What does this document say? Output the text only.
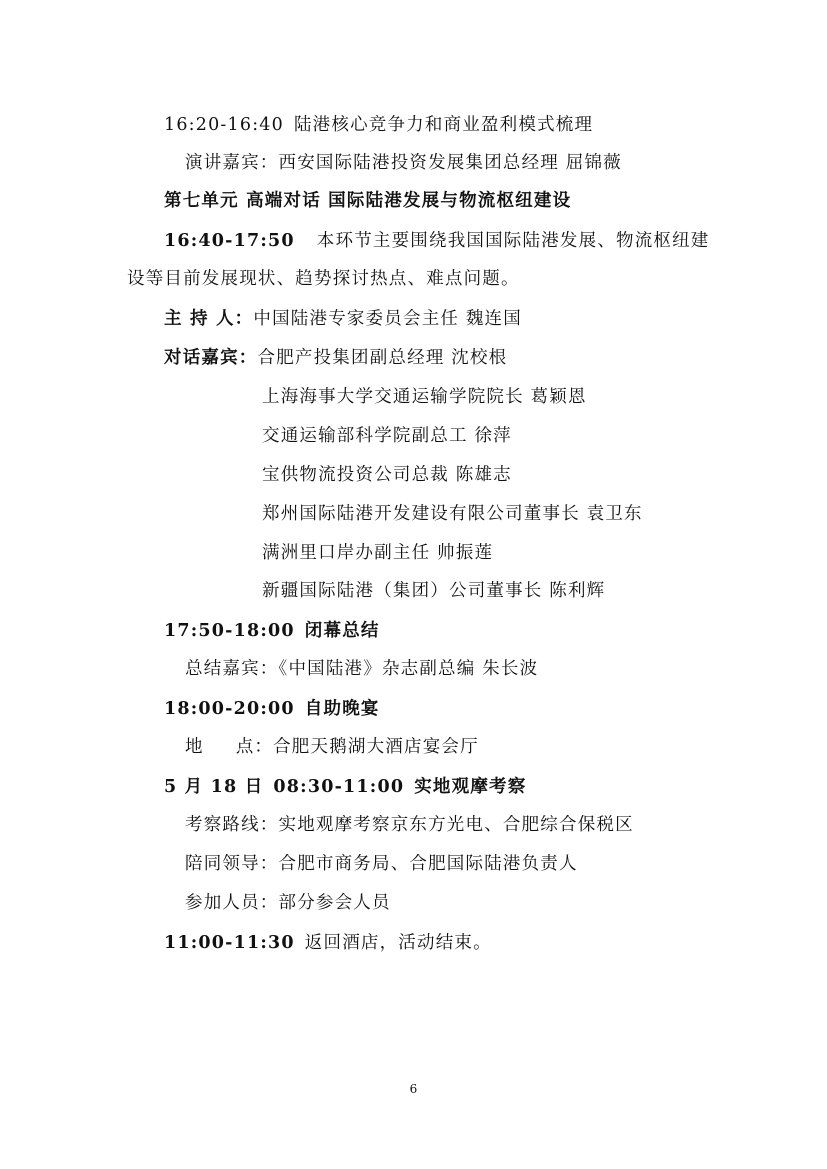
16:20-16:40 陆港核心竞争力和商业盈利模式梳理
演讲嘉宾：西安国际陆港投资发展集团总经理 屈锦薇
第七单元 高端对话 国际陆港发展与物流枢纽建设
16:40-17:50 本环节主要围绕我国国际陆港发展、物流枢纽建
设等目前发展现状、趋势探讨热点、难点问题。
主 持 人：中国陆港专家委员会主任 魏连国
对话嘉宾：合肥产投集团副总经理 沈校根
上海海事大学交通运输学院院长 葛颖恩
交通运输部科学院副总工 徐萍
宝供物流投资公司总裁 陈雄志
郑州国际陆港开发建设有限公司董事长 袁卫东
满洲里口岸办副主任 帅振莲
新疆国际陆港（集团）公司董事长 陈利辉
17:50-18:00 闭幕总结
总结嘉宾：《中国陆港》杂志副总编 朱长波
18:00-20:00 自助晚宴
地 点：合肥天鹅湖大酒店宴会厅
5 月 18 日 08:30-11:00 实地观摩考察
考察路线：实地观摩考察京东方光电、合肥综合保税区
陪同领导：合肥市商务局、合肥国际陆港负责人
参加人员：部分参会人员
11:00-11:30 返回酒店，活动结束。
6
